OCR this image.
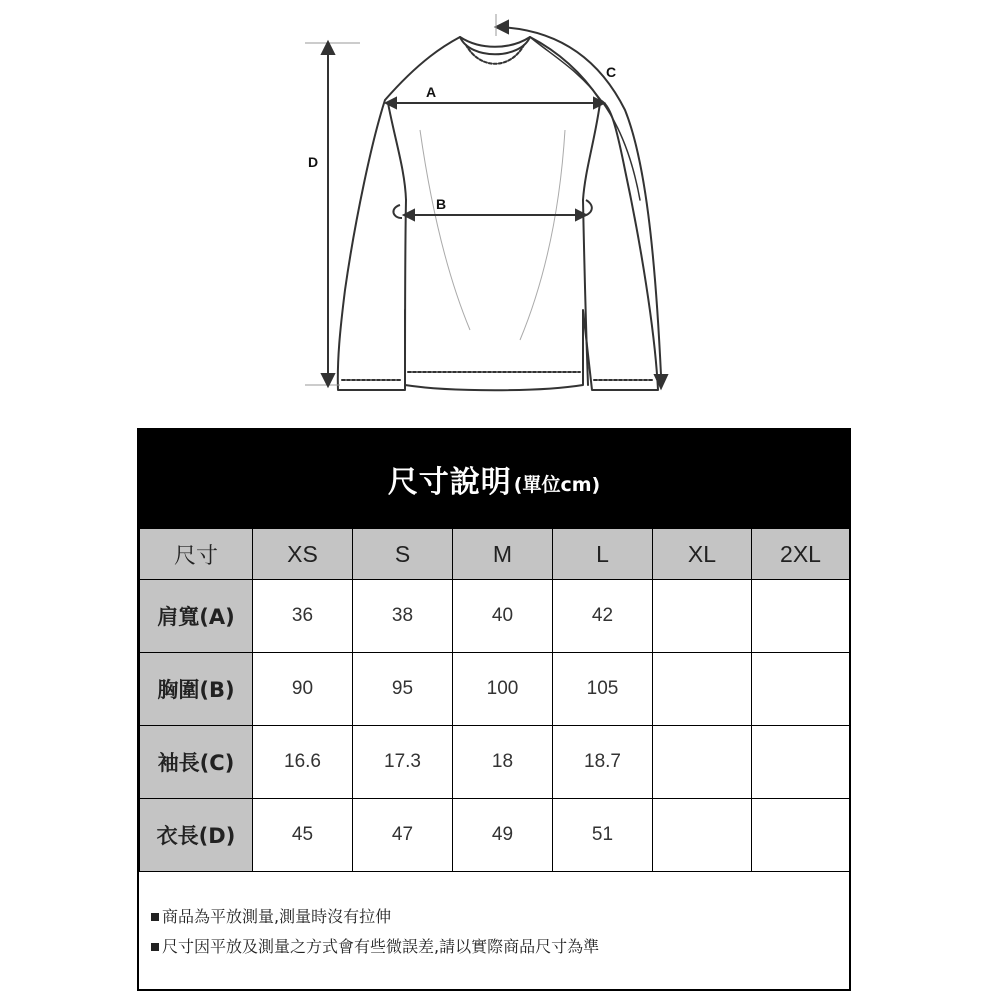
A
B
C
D
尺寸說明 (單位cm)
尺寸	XS	S	M	L	XL	2XL
肩寬(A)	36	38	40	42		
胸圍(B)	90	95	100	105		
袖長(C)	16.6	17.3	18	18.7		
衣長(D)	45	47	49	51		
商品為平放測量,測量時沒有拉伸
尺寸因平放及測量之方式會有些微誤差,請以實際商品尺寸為準
